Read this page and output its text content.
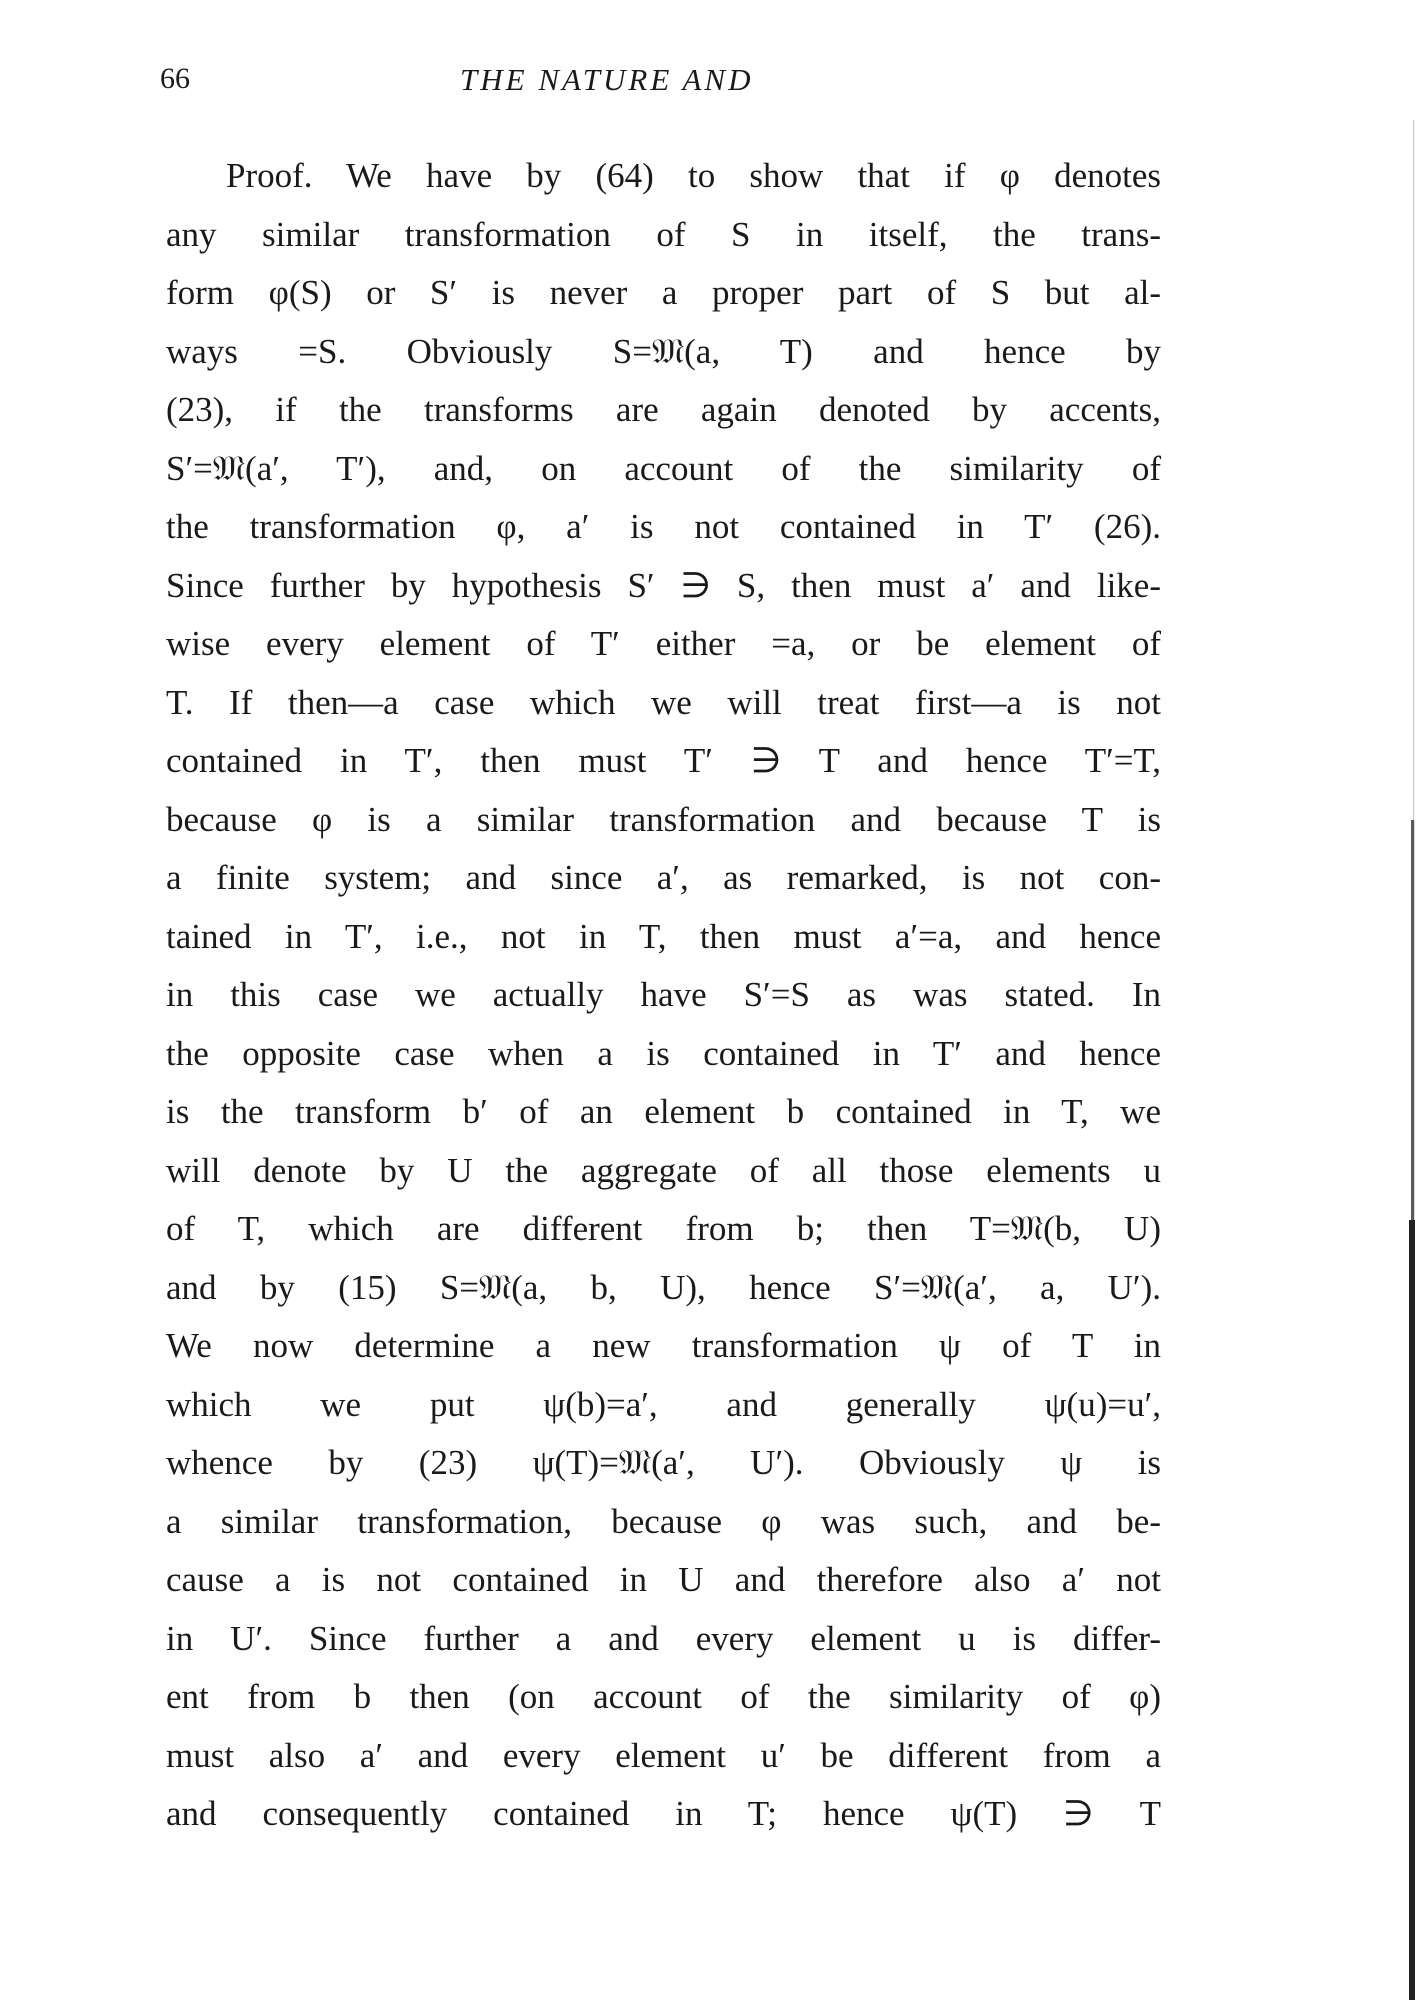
66	THE NATURE AND
Proof. We have by (64) to show that if φ denotes
any similar transformation of S in itself, the trans-
form φ(S) or S′ is never a proper part of S but al-
ways =S. Obviously S=𝔐(a, T) and hence by
(23), if the transforms are again denoted by accents,
S′=𝔐(a′, T′), and, on account of the similarity of
the transformation φ, a′ is not contained in T′ (26).
Since further by hypothesis S′ ∋ S, then must a′ and like-
wise every element of T′ either =a, or be element of
T. If then—a case which we will treat first—a is not
contained in T′, then must T′ ∋ T and hence T′=T,
because φ is a similar transformation and because T is
a finite system; and since a′, as remarked, is not con-
tained in T′, i.e., not in T, then must a′=a, and hence
in this case we actually have S′=S as was stated. In
the opposite case when a is contained in T′ and hence
is the transform b′ of an element b contained in T, we
will denote by U the aggregate of all those elements u
of T, which are different from b; then T=𝔐(b, U)
and by (15) S=𝔐(a, b, U), hence S′=𝔐(a′, a, U′).
We now determine a new transformation ψ of T in
which we put ψ(b)=a′, and generally ψ(u)=u′,
whence by (23) ψ(T)=𝔐(a′, U′). Obviously ψ is
a similar transformation, because φ was such, and be-
cause a is not contained in U and therefore also a′ not
in U′. Since further a and every element u is differ-
ent from b then (on account of the similarity of φ)
must also a′ and every element u′ be different from a
and consequently contained in T; hence ψ(T) ∋ T
